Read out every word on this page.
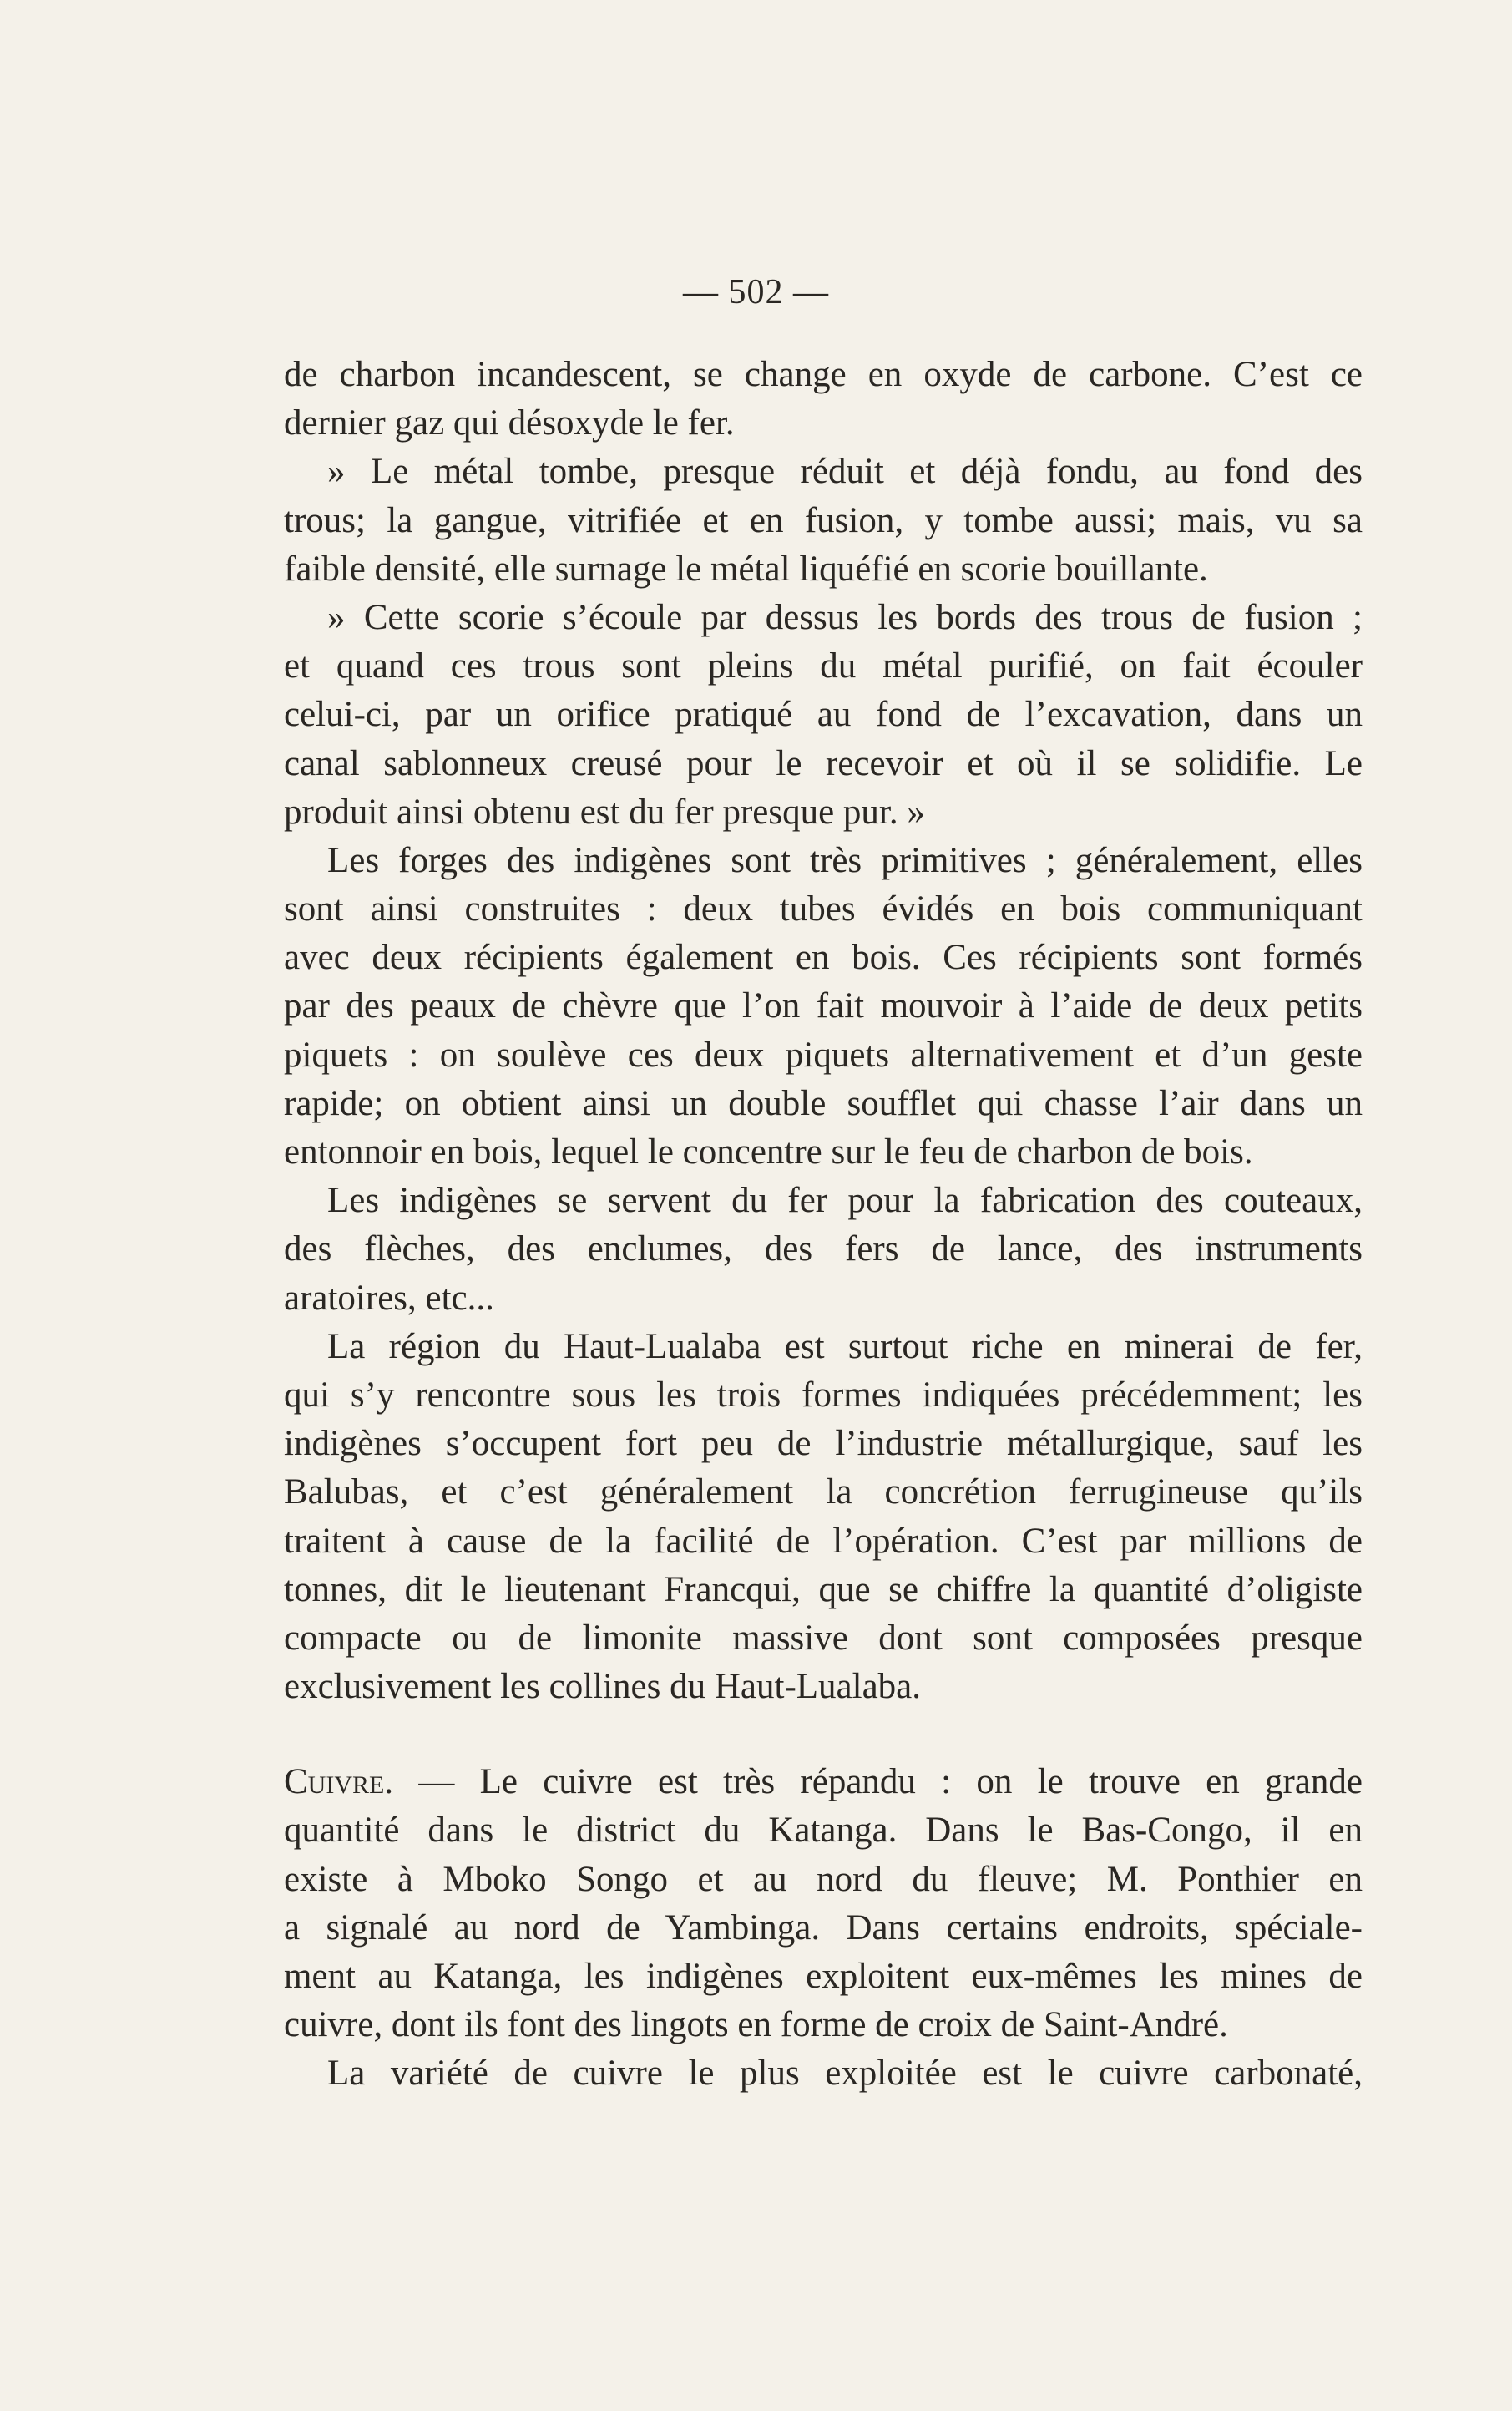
— 502 —
de charbon incandescent, se change en oxyde de carbone. C’est ce
dernier gaz qui désoxyde le fer.
» Le métal tombe, presque réduit et déjà fondu, au fond des
trous; la gangue, vitrifiée et en fusion, y tombe aussi; mais, vu sa
faible densité, elle surnage le métal liquéfié en scorie bouillante.
» Cette scorie s’écoule par dessus les bords des trous de fusion ;
et quand ces trous sont pleins du métal purifié, on fait écouler
celui-ci, par un orifice pratiqué au fond de l’excavation, dans un
canal sablonneux creusé pour le recevoir et où il se solidifie. Le
produit ainsi obtenu est du fer presque pur. »
Les forges des indigènes sont très primitives ; généralement, elles
sont ainsi construites : deux tubes évidés en bois communiquant
avec deux récipients également en bois. Ces récipients sont formés
par des peaux de chèvre que l’on fait mouvoir à l’aide de deux petits
piquets : on soulève ces deux piquets alternativement et d’un geste
rapide; on obtient ainsi un double soufflet qui chasse l’air dans un
entonnoir en bois, lequel le concentre sur le feu de charbon de bois.
Les indigènes se servent du fer pour la fabrication des couteaux,
des flèches, des enclumes, des fers de lance, des instruments
aratoires, etc...
La région du Haut-Lualaba est surtout riche en minerai de fer,
qui s’y rencontre sous les trois formes indiquées précédemment; les
indigènes s’occupent fort peu de l’industrie métallurgique, sauf les
Balubas, et c’est généralement la concrétion ferrugineuse qu’ils
traitent à cause de la facilité de l’opération. C’est par millions de
tonnes, dit le lieutenant Francqui, que se chiffre la quantité d’oligiste
compacte ou de limonite massive dont sont composées presque
exclusivement les collines du Haut-Lualaba.
Cuivre. — Le cuivre est très répandu : on le trouve en grande
quantité dans le district du Katanga. Dans le Bas-Congo, il en
existe à Mboko Songo et au nord du fleuve; M. Ponthier en
a signalé au nord de Yambinga. Dans certains endroits, spéciale-
ment au Katanga, les indigènes exploitent eux-mêmes les mines de
cuivre, dont ils font des lingots en forme de croix de Saint-André.
La variété de cuivre le plus exploitée est le cuivre carbonaté,
